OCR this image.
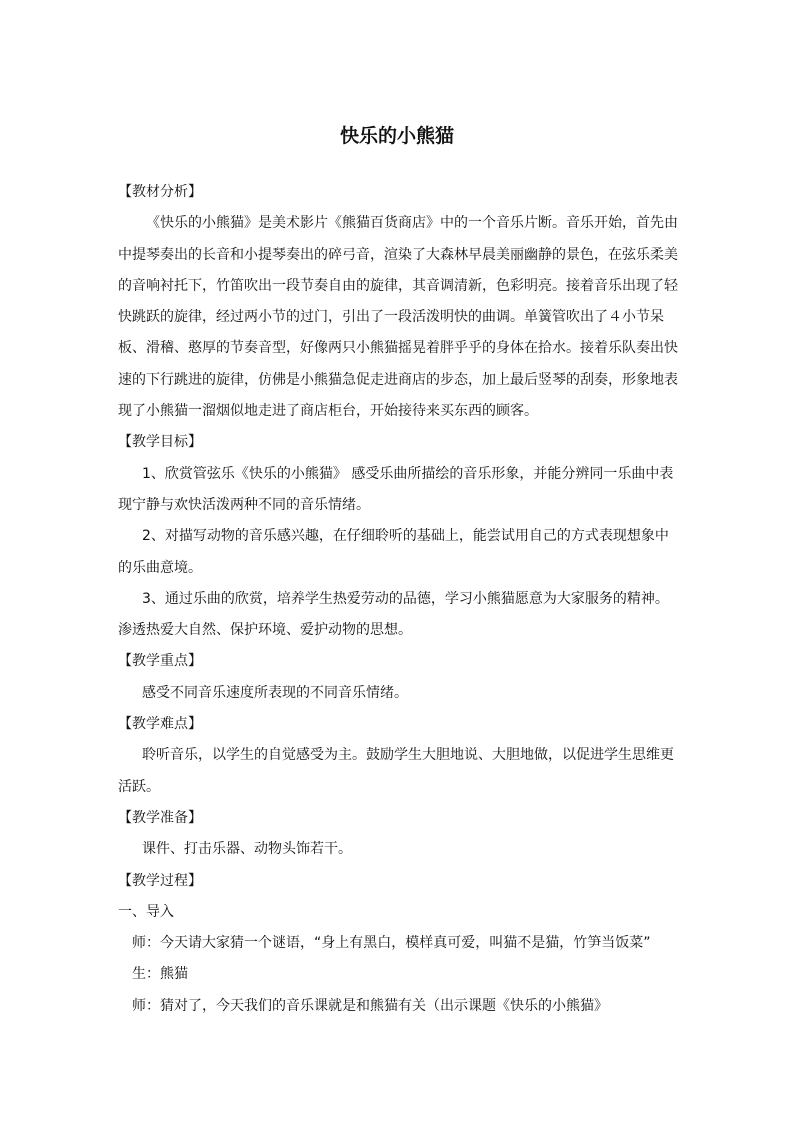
快乐的小熊猫

【教材分析】

《快乐的小熊猫》是美术影片《熊猫百货商店》中的一个音乐片断。音乐开始，首先由中提琴奏出的长音和小提琴奏出的碎弓音，渲染了大森林早晨美丽幽静的景色，在弦乐柔美的音响衬托下，竹笛吹出一段节奏自由的旋律，其音调清新，色彩明亮。接着音乐出现了轻快跳跃的旋律，经过两小节的过门，引出了一段活泼明快的曲调。单簧管吹出了４小节呆板、滑稽、憨厚的节奏音型，好像两只小熊猫摇晃着胖乎乎的身体在拾水。接着乐队奏出快速的下行跳进的旋律，仿佛是小熊猫急促走进商店的步态，加上最后竖琴的刮奏，形象地表现了小熊猫一溜烟似地走进了商店柜台，开始接待来买东西的顾客。

【教学目标】

1、欣赏管弦乐《快乐的小熊猫》 感受乐曲所描绘的音乐形象，并能分辨同一乐曲中表现宁静与欢快活泼两种不同的音乐情绪。

2、对描写动物的音乐感兴趣，在仔细聆听的基础上，能尝试用自己的方式表现想象中的乐曲意境。

3、通过乐曲的欣赏，培养学生热爱劳动的品德，学习小熊猫愿意为大家服务的精神。渗透热爱大自然、保护环境、爱护动物的思想。

【教学重点】

感受不同音乐速度所表现的不同音乐情绪。

【教学难点】

聆听音乐，以学生的自觉感受为主。鼓励学生大胆地说、大胆地做，以促进学生思维更活跃。

【教学准备】

课件、打击乐器、动物头饰若干。

【教学过程】

一、导入

师：今天请大家猜一个谜语，“身上有黑白，模样真可爱，叫猫不是猫，竹笋当饭菜”

生：熊猫

师：猜对了，今天我们的音乐课就是和熊猫有关（出示课题《快乐的小熊猫》
